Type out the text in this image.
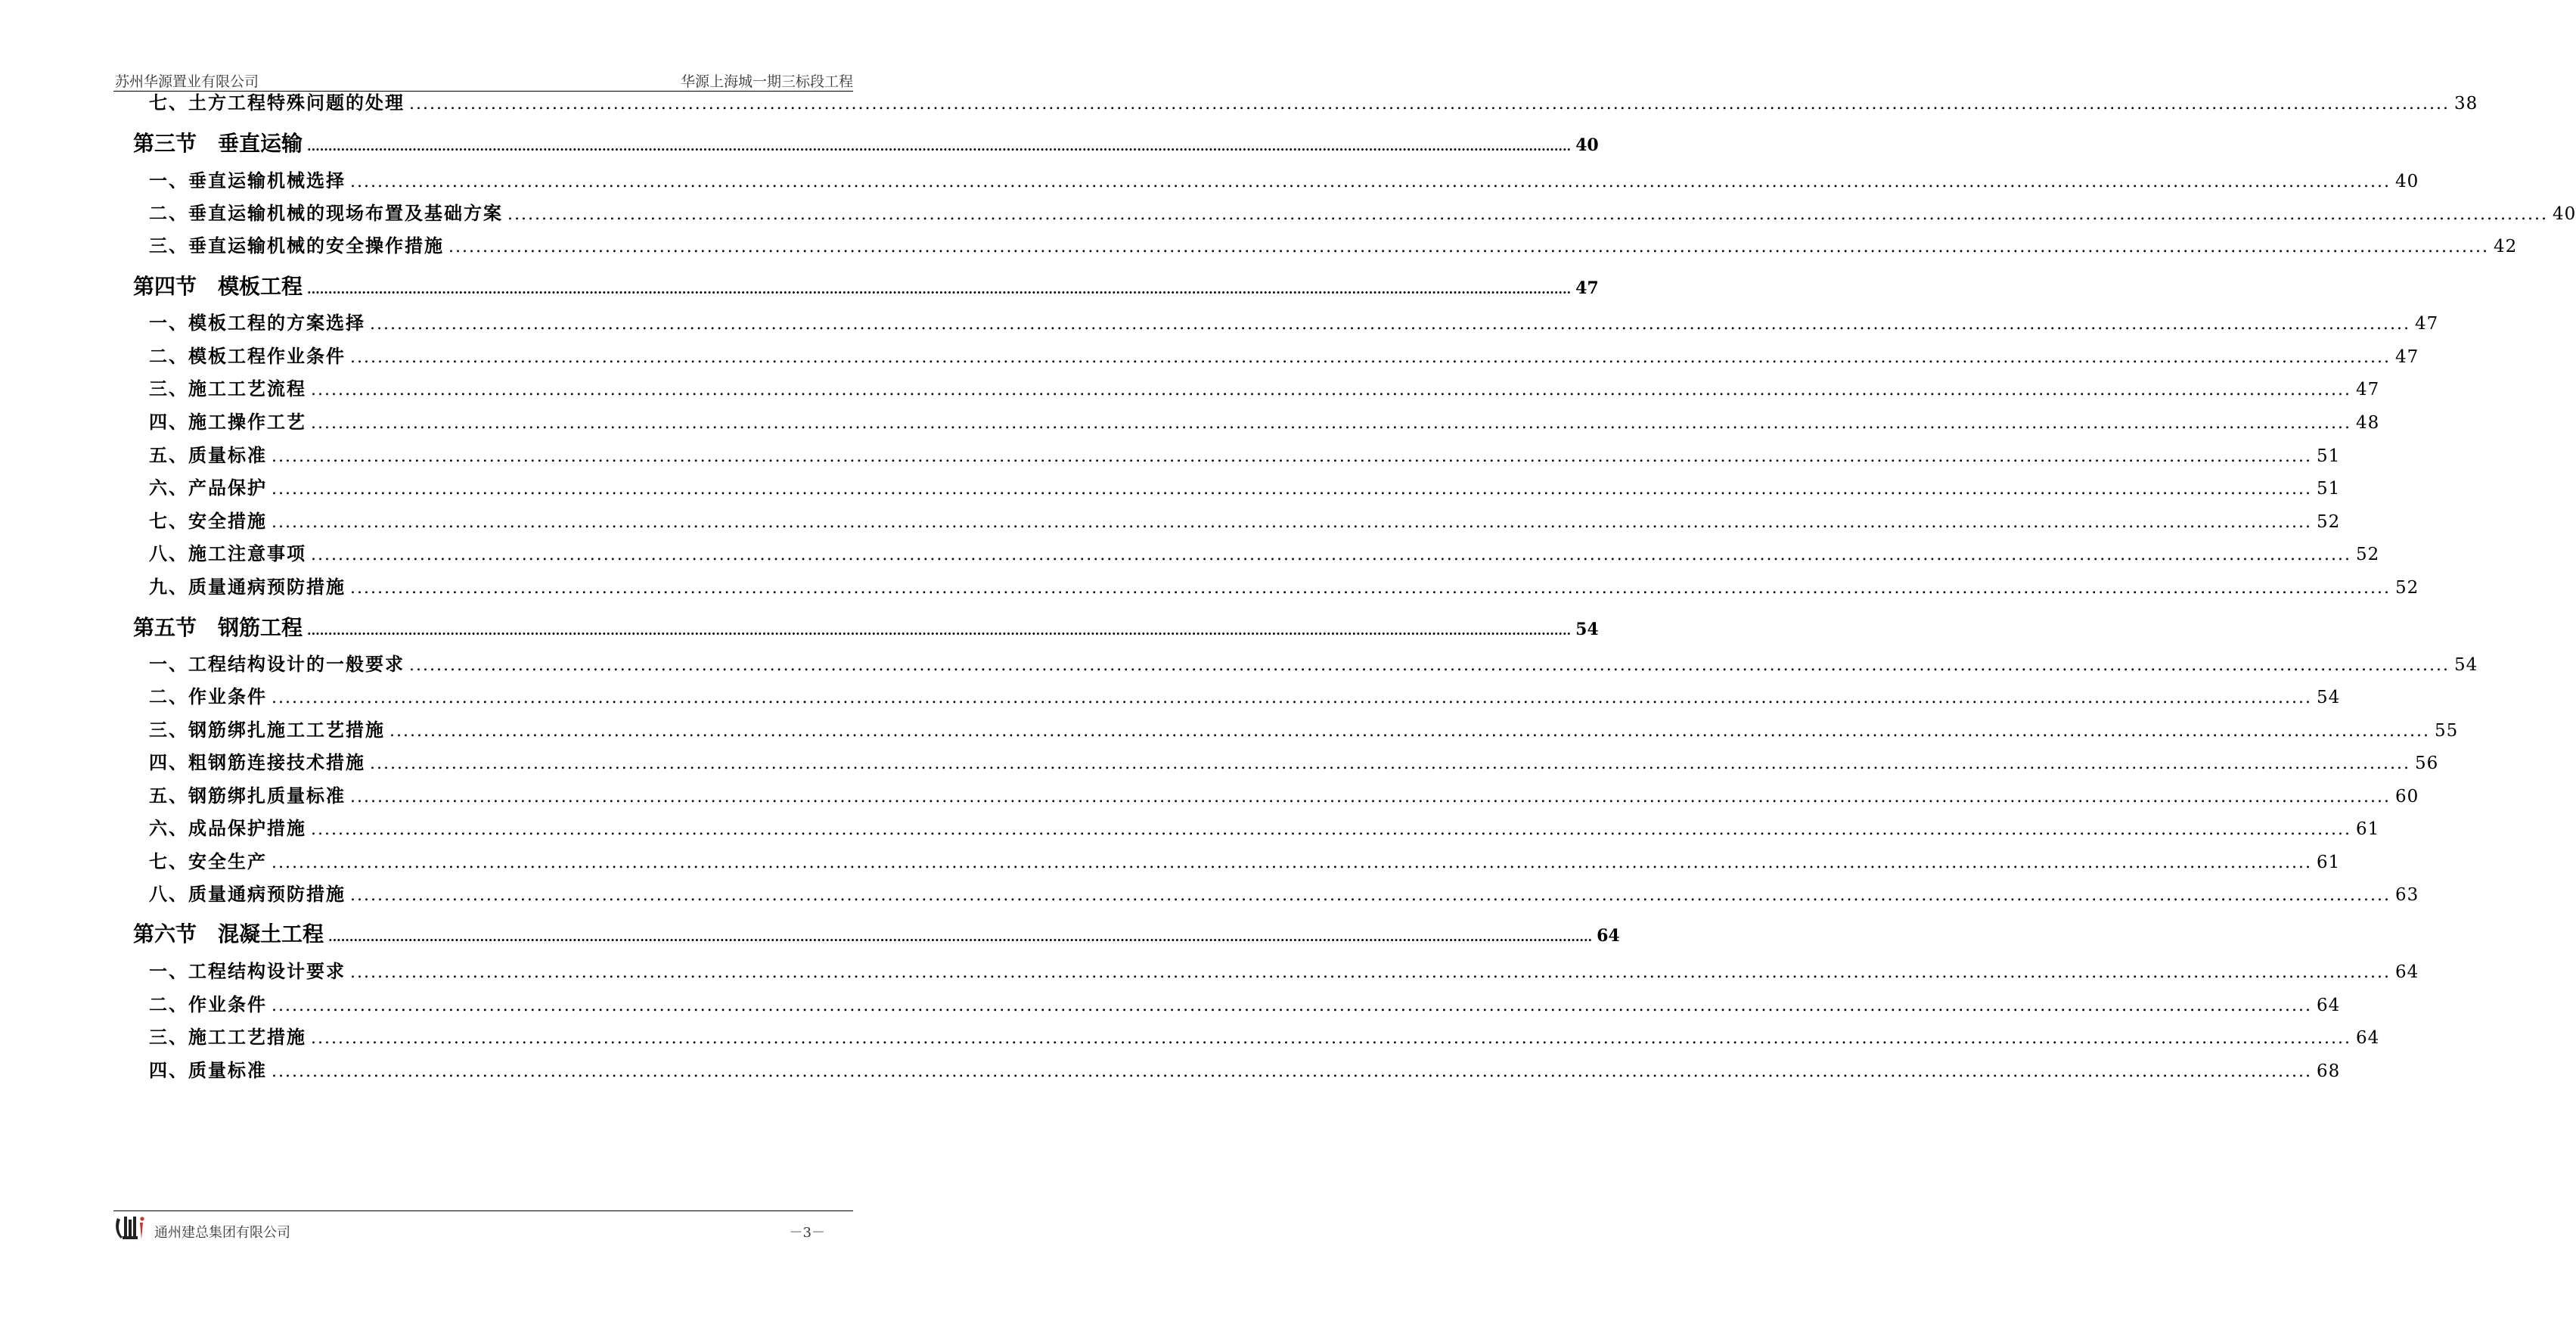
苏州华源置业有限公司	华源上海城一期三标段工程
七、土方工程特殊问题的处理 ............................................................................................................................................................................................................................................................................................................ 38
第三节　垂直运输 ............................................................................................................................................................................................................................................................................................................ 40
一、垂直运输机械选择 ............................................................................................................................................................................................................................................................................................................ 40
二、垂直运输机械的现场布置及基础方案 ............................................................................................................................................................................................................................................................................................................ 40
三、垂直运输机械的安全操作措施 ............................................................................................................................................................................................................................................................................................................ 42
第四节　模板工程 ............................................................................................................................................................................................................................................................................................................ 47
一、模板工程的方案选择 ............................................................................................................................................................................................................................................................................................................ 47
二、模板工程作业条件 ............................................................................................................................................................................................................................................................................................................ 47
三、施工工艺流程 ............................................................................................................................................................................................................................................................................................................ 47
四、施工操作工艺 ............................................................................................................................................................................................................................................................................................................ 48
五、质量标准 ............................................................................................................................................................................................................................................................................................................ 51
六、产品保护 ............................................................................................................................................................................................................................................................................................................ 51
七、安全措施 ............................................................................................................................................................................................................................................................................................................ 52
八、施工注意事项 ............................................................................................................................................................................................................................................................................................................ 52
九、质量通病预防措施 ............................................................................................................................................................................................................................................................................................................ 52
第五节　钢筋工程 ............................................................................................................................................................................................................................................................................................................ 54
一、工程结构设计的一般要求 ............................................................................................................................................................................................................................................................................................................ 54
二、作业条件 ............................................................................................................................................................................................................................................................................................................ 54
三、钢筋绑扎施工工艺措施 ............................................................................................................................................................................................................................................................................................................ 55
四、粗钢筋连接技术措施 ............................................................................................................................................................................................................................................................................................................ 56
五、钢筋绑扎质量标准 ............................................................................................................................................................................................................................................................................................................ 60
六、成品保护措施 ............................................................................................................................................................................................................................................................................................................ 61
七、安全生产 ............................................................................................................................................................................................................................................................................................................ 61
八、质量通病预防措施 ............................................................................................................................................................................................................................................................................................................ 63
第六节　混凝土工程 ............................................................................................................................................................................................................................................................................................................ 64
一、工程结构设计要求 ............................................................................................................................................................................................................................................................................................................ 64
二、作业条件 ............................................................................................................................................................................................................................................................................................................ 64
三、施工工艺措施 ............................................................................................................................................................................................................................................................................................................ 64
四、质量标准 ............................................................................................................................................................................................................................................................................................................ 68
通州建总集团有限公司	－3－
